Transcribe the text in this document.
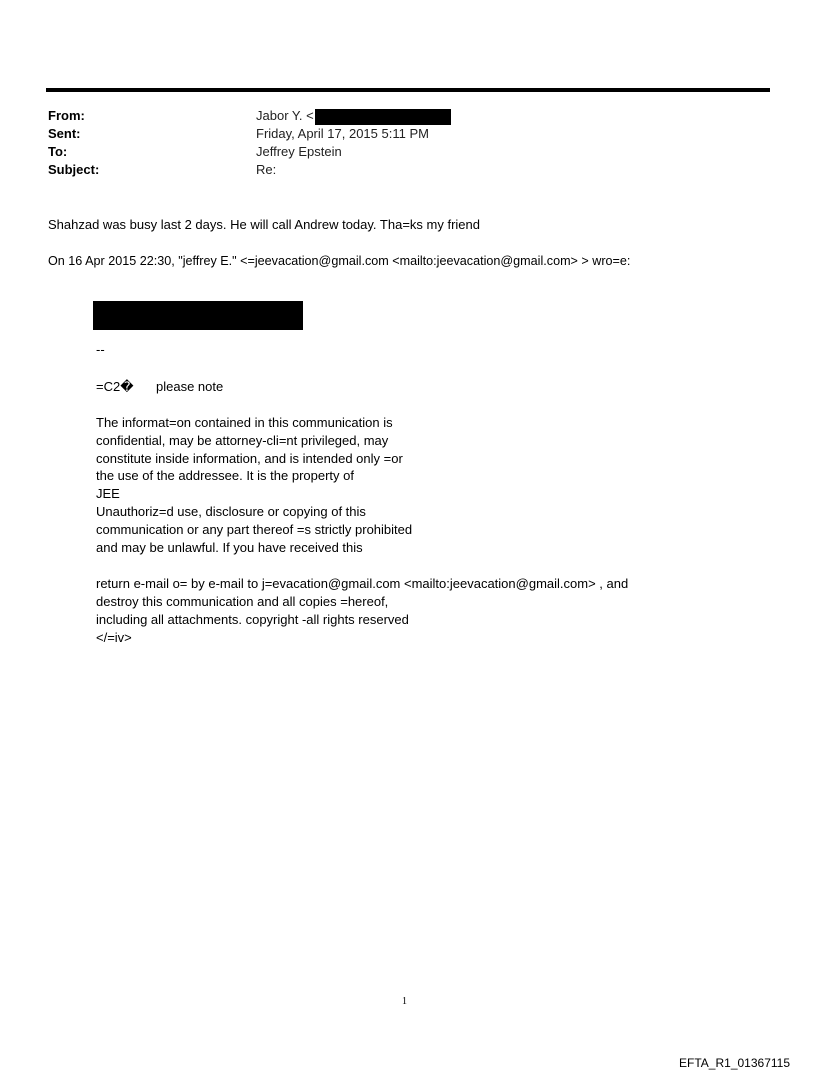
From:	Jabor Y. <
Sent:	Friday, April 17, 2015 5:11 PM
To:	Jeffrey Epstein
Subject:	Re:
Shahzad was busy last 2 days. He will call Andrew today. Tha=ks my friend
On 16 Apr 2015 22:30, "jeffrey E." <=jeevacation@gmail.com <mailto:jeevacation@gmail.com> > wro=e:
--
=C2� please note
The informat=on contained in this communication is
confidential, may be attorney-cli=nt privileged, may
constitute inside information, and is intended only =or
the use of the addressee. It is the property of
JEE
Unauthoriz=d use, disclosure or copying of this
communication or any part thereof =s strictly prohibited
and may be unlawful. If you have received this
return e-mail o= by e-mail to j=evacation@gmail.com <mailto:jeevacation@gmail.com> , and
destroy this communication and all copies =hereof,
including all attachments. copyright -all rights reserved
</=iv>
1
EFTA_R1_01367115
